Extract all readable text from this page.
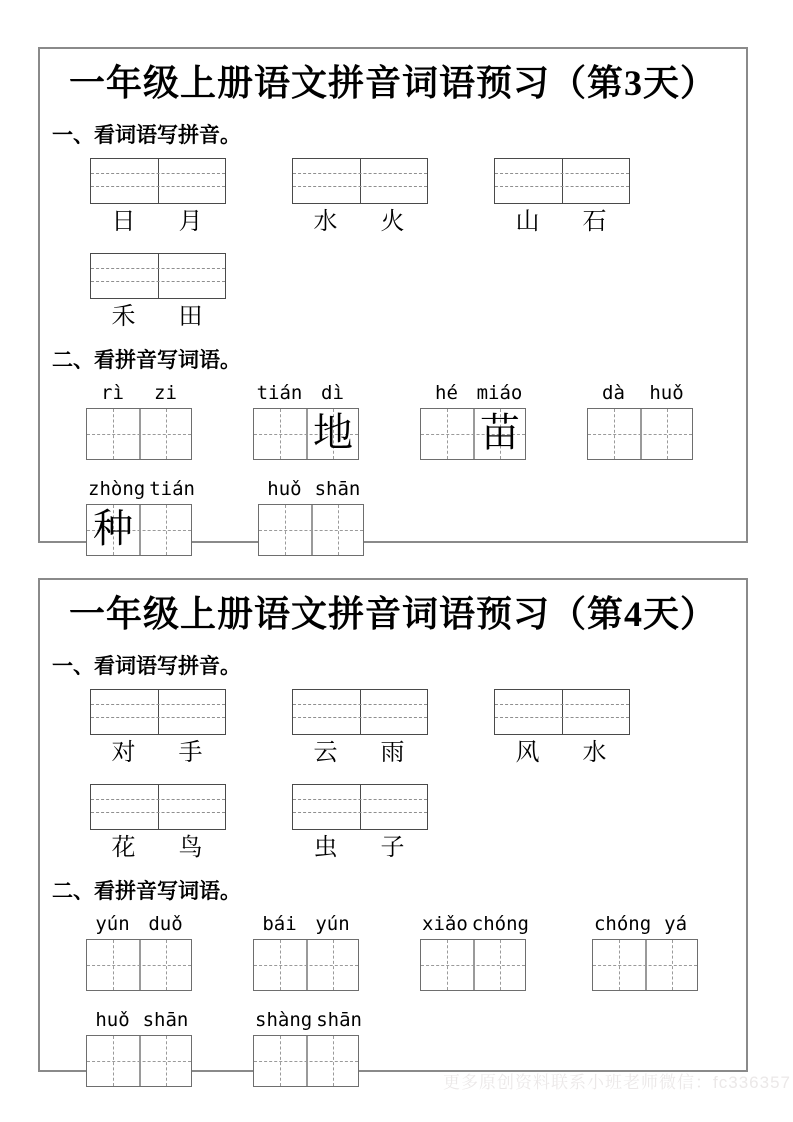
一年级上册语文拼音词语预习（第3天）
一、看词语写拼音。
日	月	水	火	山	石
禾	田
二、看拼音写词语。
rì	zi	tián dì
地
hé miáo
苗
dà	huǒ
zhòng tián
种
huǒ shān
一年级上册语文拼音词语预习（第4天）
一、看词语写拼音。
对	手	云	雨	风	水
花	鸟	虫	子
二、看拼音写词语。
yún duǒ	bái yún	xiǎo chóng	chóng yá
huǒ shān	shàng shān
更多原创资料联系小班老师微信：fc336357
